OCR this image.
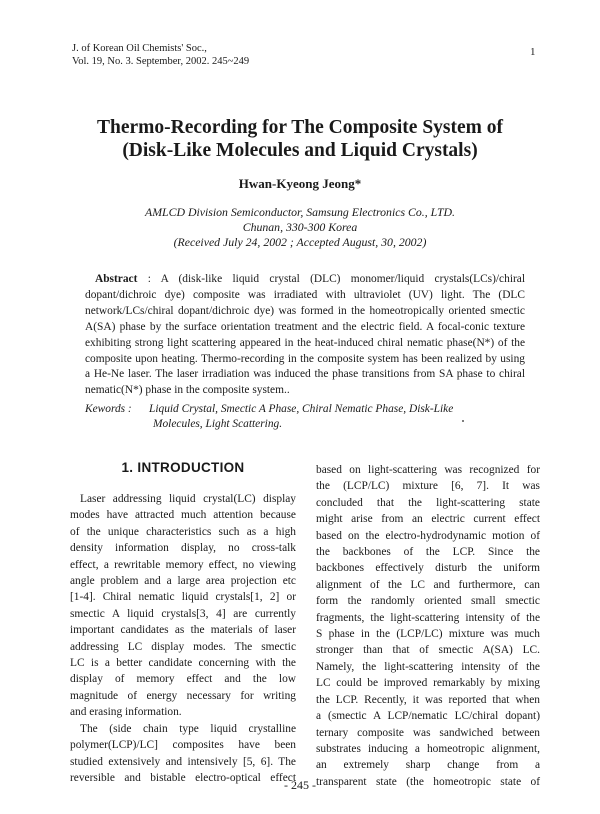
J. of Korean Oil Chemists' Soc.,
Vol. 19, No. 3. September, 2002. 245~249
1
Thermo-Recording for The Composite System of
(Disk-Like Molecules and Liquid Crystals)
Hwan-Kyeong Jeong*
AMLCD Division Semiconductor, Samsung Electronics Co., LTD.
Chunan, 330-300 Korea
(Received July 24, 2002 ; Accepted August, 30, 2002)
Abstract : A (disk-like liquid crystal (DLC) monomer/liquid crystals(LCs)/chiral dopant/dichroic dye) composite was irradiated with ultraviolet (UV) light. The (DLC network/LCs/chiral dopant/dichroic dye) was formed in the homeotropically oriented smectic A(SA) phase by the surface orientation treatment and the electric field. A focal-conic texture exhibiting strong light scattering appeared in the heat-induced chiral nematic phase(N*) of the composite upon heating. Thermo-recording in the composite system has been realized by using a He-Ne laser. The laser irradiation was induced the phase transitions from SA phase to chiral nematic(N*) phase in the composite system..
Kewords : Liquid Crystal, Smectic A Phase, Chiral Nematic Phase, Disk-Like
Molecules, Light Scattering.
1. INTRODUCTION
Laser addressing liquid crystal(LC) display
modes have attracted much attention because
of the unique characteristics such as a high
density information display, no cross-talk
effect, a rewritable memory effect, no viewing
angle problem and a large area projection etc
[1-4]. Chiral nematic liquid crystals[1, 2] or
smectic A liquid crystals[3, 4] are currently
important candidates as the materials of laser
addressing LC display modes. The smectic
LC is a better candidate concerning with the
display of memory effect and the low
magnitude of energy necessary for writing
and erasing information.
The (side chain type liquid crystalline
polymer(LCP)/LC] composites have been
studied extensively and intensively [5, 6]. The
reversible and bistable electro-optical effect
based on light-scattering was recognized for
the (LCP/LC) mixture [6, 7]. It was
concluded that the light-scattering state
might arise from an electric current effect
based on the electro-hydrodynamic motion of
the backbones of the LCP. Since the
backbones effectively disturb the uniform
alignment of the LC and furthermore, can
form the randomly oriented small smectic
fragments, the light-scattering intensity of the
S phase in the (LCP/LC) mixture was much
stronger than that of smectic A(SA) LC.
Namely, the light-scattering intensity of the
LC could be improved remarkably by mixing
the LCP. Recently, it was reported that when
a (smectic A LCP/nematic LC/chiral dopant)
ternary composite was sandwiched between
substrates inducing a homeotropic alignment,
an extremely sharp change from a
transparent state (the homeotropic state of
- 245 -
